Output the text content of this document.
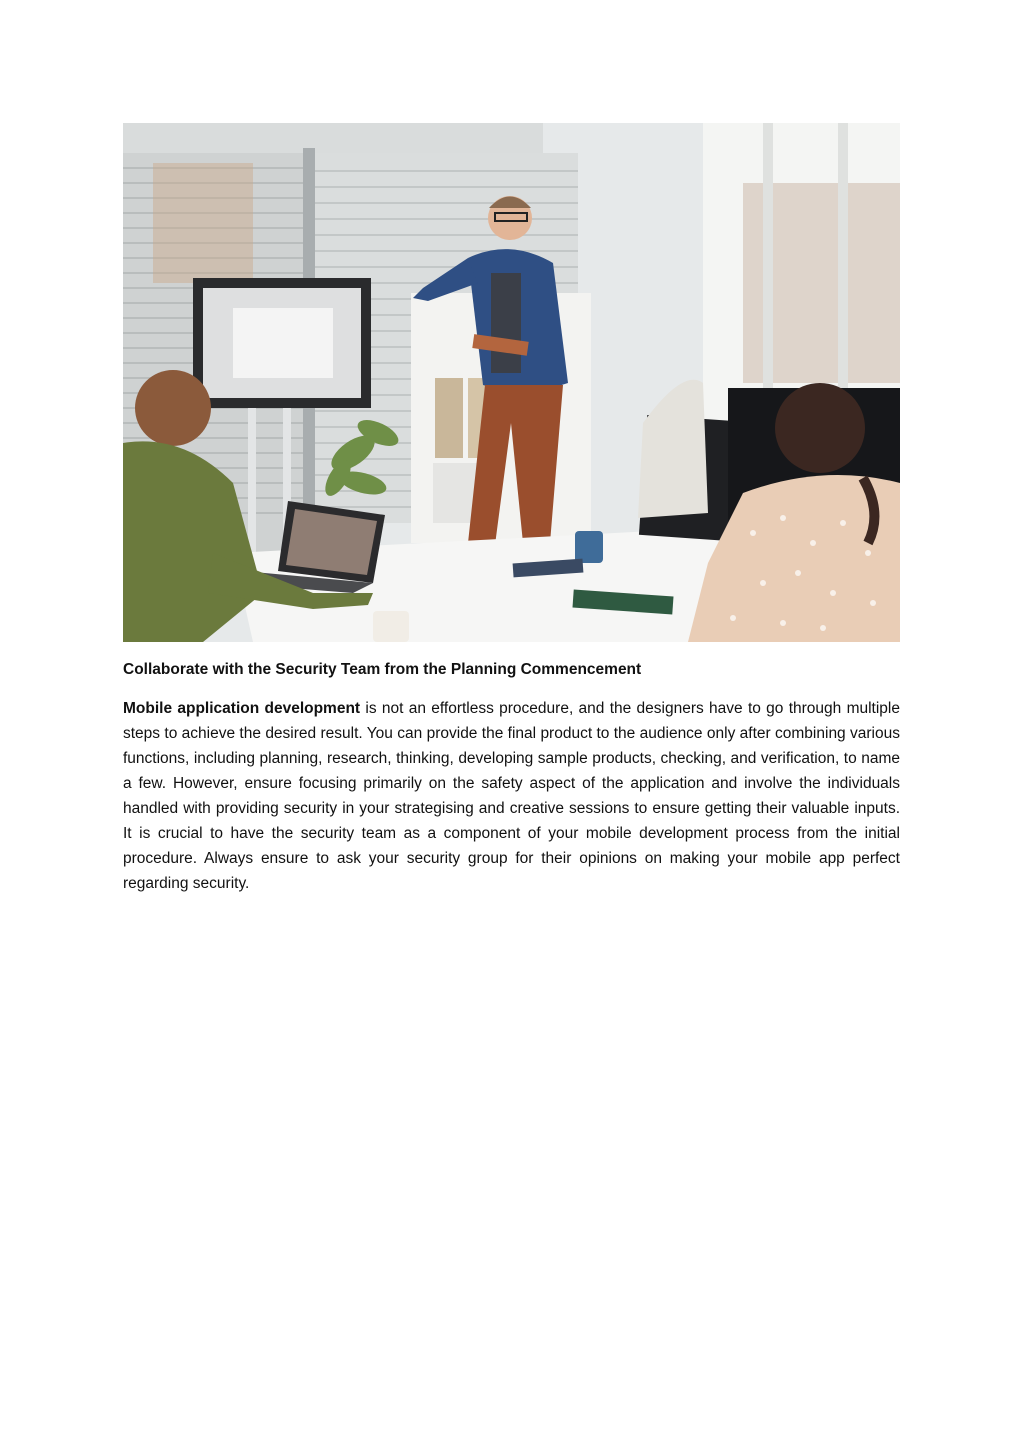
Collaborate with the Security Team from the Planning Commencement

Mobile application development is not an effortless procedure, and the designers have to go through multiple steps to achieve the desired result. You can provide the final product to the audience only after combining various functions, including planning, research, thinking, developing sample products, checking, and verification, to name a few. However, ensure focusing primarily on the safety aspect of the application and involve the individuals handled with providing security in your strategising and creative sessions to ensure getting their valuable inputs. It is crucial to have the security team as a component of your mobile development process from the initial procedure. Always ensure to ask your security group for their opinions on making your mobile app perfect regarding security.
